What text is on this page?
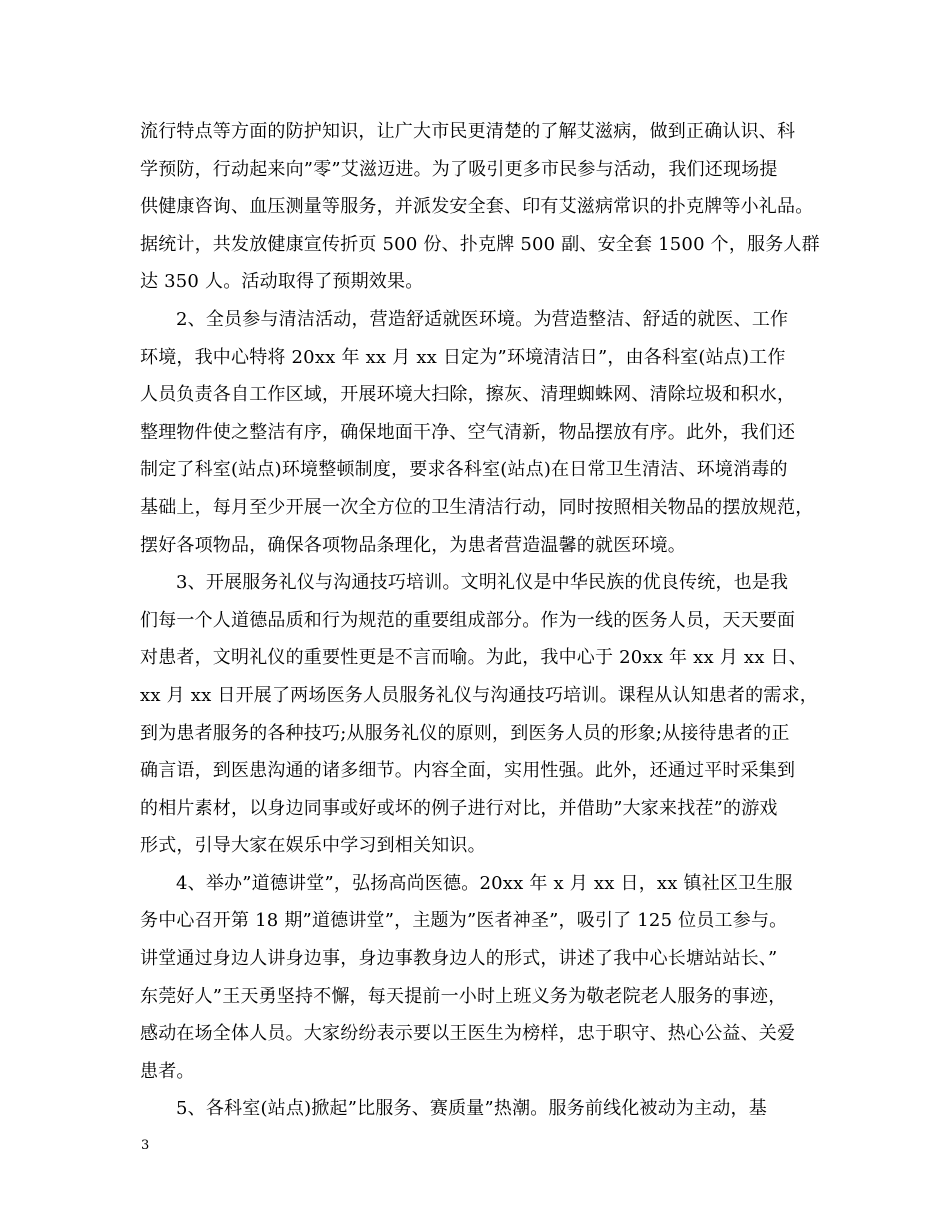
流行特点等方面的防护知识，让广大市民更清楚的了解艾滋病，做到正确认识、科
学预防，行动起来向”零”艾滋迈进。为了吸引更多市民参与活动，我们还现场提
供健康咨询、血压测量等服务，并派发安全套、印有艾滋病常识的扑克牌等小礼品。
据统计，共发放健康宣传折页 500 份、扑克牌 500 副、安全套 1500 个，服务人群
达 350 人。活动取得了预期效果。
2、全员参与清洁活动，营造舒适就医环境。为营造整洁、舒适的就医、工作
环境，我中心特将 20xx 年 xx 月 xx 日定为”环境清洁日”，由各科室(站点)工作
人员负责各自工作区域，开展环境大扫除，擦灰、清理蜘蛛网、清除垃圾和积水，
整理物件使之整洁有序，确保地面干净、空气清新，物品摆放有序。此外，我们还
制定了科室(站点)环境整顿制度，要求各科室(站点)在日常卫生清洁、环境消毒的
基础上，每月至少开展一次全方位的卫生清洁行动，同时按照相关物品的摆放规范，
摆好各项物品，确保各项物品条理化，为患者营造温馨的就医环境。
3、开展服务礼仪与沟通技巧培训。文明礼仪是中华民族的优良传统，也是我
们每一个人道德品质和行为规范的重要组成部分。作为一线的医务人员，天天要面
对患者，文明礼仪的重要性更是不言而喻。为此，我中心于 20xx 年 xx 月 xx 日、
xx 月 xx 日开展了两场医务人员服务礼仪与沟通技巧培训。课程从认知患者的需求，
到为患者服务的各种技巧;从服务礼仪的原则，到医务人员的形象;从接待患者的正
确言语，到医患沟通的诸多细节。内容全面，实用性强。此外，还通过平时采集到
的相片素材，以身边同事或好或坏的例子进行对比，并借助”大家来找茬”的游戏
形式，引导大家在娱乐中学习到相关知识。
4、举办”道德讲堂”，弘扬高尚医德。20xx 年 x 月 xx 日，xx 镇社区卫生服
务中心召开第 18 期”道德讲堂”，主题为”医者神圣”，吸引了 125 位员工参与。
讲堂通过身边人讲身边事，身边事教身边人的形式，讲述了我中心长塘站站长、”
东莞好人”王天勇坚持不懈，每天提前一小时上班义务为敬老院老人服务的事迹，
感动在场全体人员。大家纷纷表示要以王医生为榜样，忠于职守、热心公益、关爱
患者。
5、各科室(站点)掀起”比服务、赛质量”热潮。服务前线化被动为主动，基
3
